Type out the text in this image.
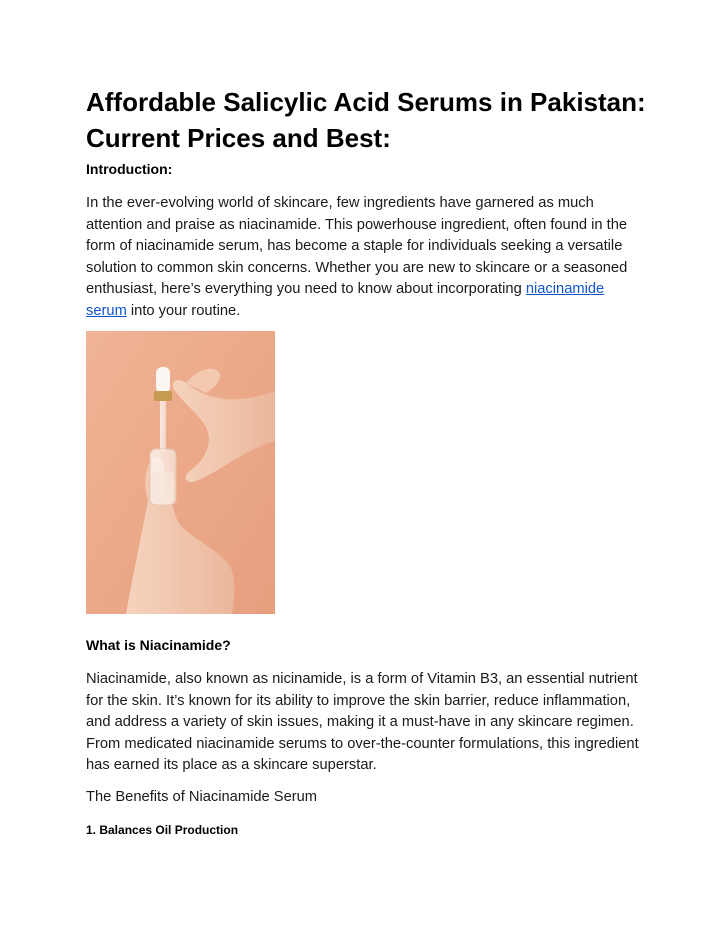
Affordable Salicylic Acid Serums in Pakistan: Current Prices and Best:
Introduction:

In the ever-evolving world of skincare, few ingredients have garnered as much attention and praise as niacinamide. This powerhouse ingredient, often found in the form of niacinamide serum, has become a staple for individuals seeking a versatile solution to common skin concerns. Whether you are new to skincare or a seasoned enthusiast, here’s everything you need to know about incorporating niacinamide serum into your routine.

What is Niacinamide?

Niacinamide, also known as nicinamide, is a form of Vitamin B3, an essential nutrient for the skin. It’s known for its ability to improve the skin barrier, reduce inflammation, and address a variety of skin issues, making it a must-have in any skincare regimen. From medicated niacinamide serums to over-the-counter formulations, this ingredient has earned its place as a skincare superstar.

The Benefits of Niacinamide Serum

1. Balances Oil Production
